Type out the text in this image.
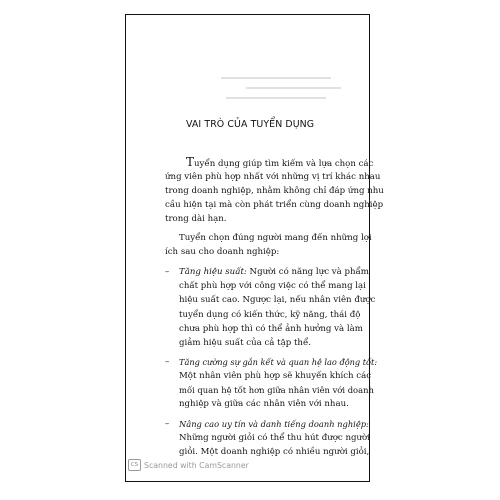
VAI TRÒ CỦA TUYỂN DỤNG
Tuyển dụng giúp tìm kiếm và lựa chọn các
ứng viên phù hợp nhất với những vị trí khác nhau
trong doanh nghiệp, nhằm không chỉ đáp ứng nhu
cầu hiện tại mà còn phát triển cùng doanh nghiệp
trong dài hạn.
Tuyển chọn đúng người mang đến những lợi
ích sau cho doanh nghiệp:
– Tăng hiệu suất: Người có năng lực và phẩm
chất phù hợp với công việc có thể mang lại
hiệu suất cao. Ngược lại, nếu nhân viên được
tuyển dụng có kiến thức, kỹ năng, thái độ
chưa phù hợp thì có thể ảnh hưởng và làm
giảm hiệu suất của cả tập thể.
– Tăng cường sự gắn kết và quan hệ lao động tốt:
Một nhân viên phù hợp sẽ khuyến khích các
mối quan hệ tốt hơn giữa nhân viên với doanh
nghiệp và giữa các nhân viên với nhau.
– Nâng cao uy tín và danh tiếng doanh nghiệp:
Những người giỏi có thể thu hút được người
giỏi. Một doanh nghiệp có nhiều người giỏi,
CS Scanned with CamScanner
